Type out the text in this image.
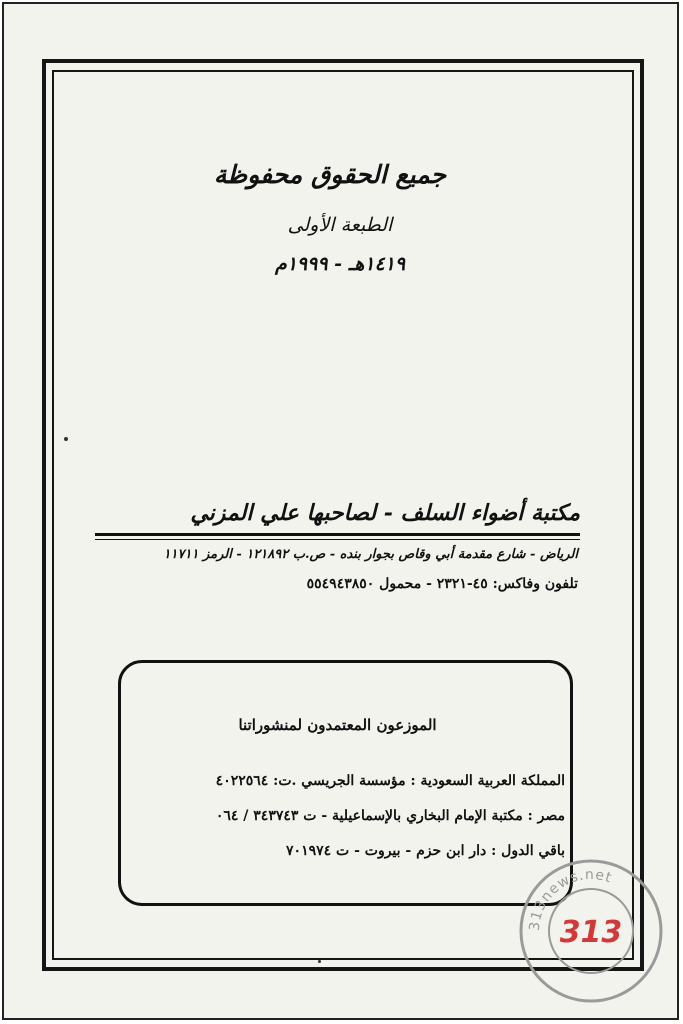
جميع الحقوق محفوظة
الطبعة الأولى
١٤١٩هـ - ١٩٩٩م
مكتبة أضواء السلف - لصاحبها علي المزني
الرياض - شارع مقدمة أبي وقاص بجوار بنده - ص.ب ١٢١٨٩٢ - الرمز ١١٧١١
تلفون وفاكس: ٤٥-٢٣٢١ - محمول ٥٥٤٩٤٣٨٥٠
الموزعون المعتمدون لمنشوراتنا
المملكة العربية السعودية : مؤسسة الجريسي .ت: ٤٠٢٢٥٦٤
مصر : مكتبة الإمام البخاري بالإسماعيلية - ت ٣٤٣٧٤٣ / ٠٦٤
باقي الدول : دار ابن حزم - بيروت - ت ٧٠١٩٧٤
313news.net
313
